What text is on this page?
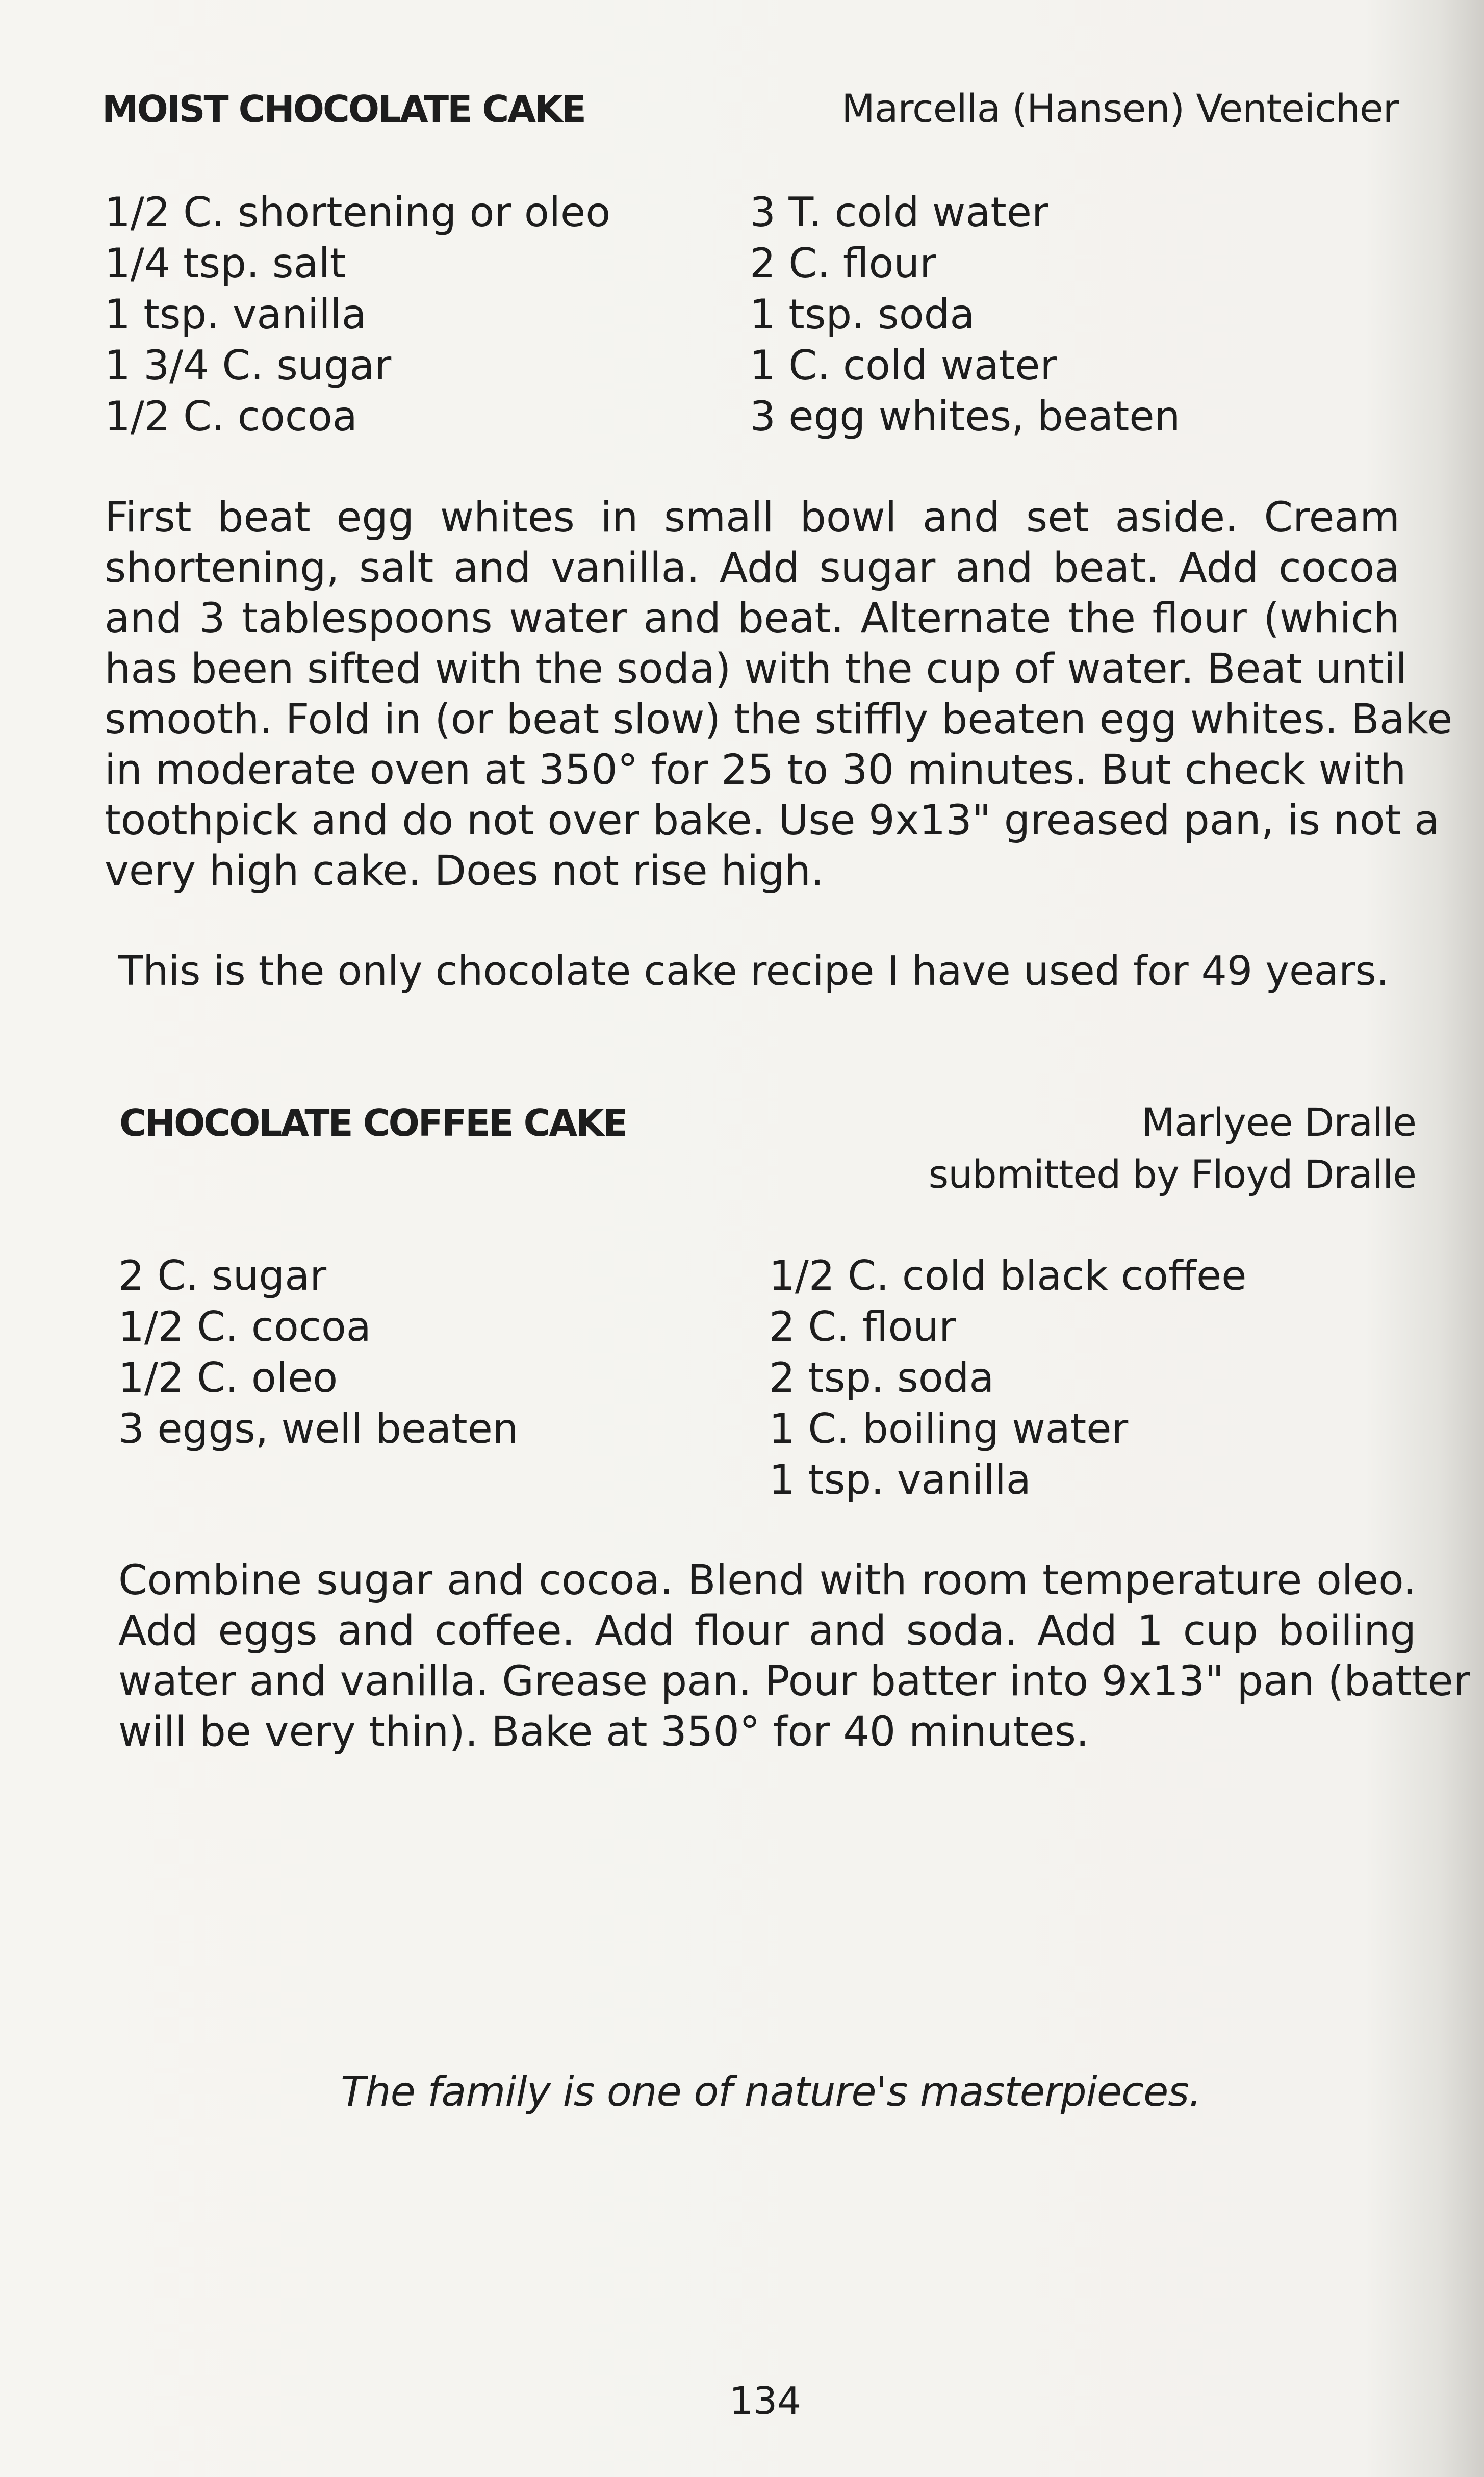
MOIST CHOCOLATE CAKE	Marcella (Hansen) Venteicher
1/2 C. shortening or oleo
1/4 tsp. salt
1 tsp. vanilla
1 3/4 C. sugar
1/2 C. cocoa
3 T. cold water
2 C. flour
1 tsp. soda
1 C. cold water
3 egg whites, beaten
First beat egg whites in small bowl and set aside. Cream
shortening, salt and vanilla. Add sugar and beat. Add cocoa
and 3 tablespoons water and beat. Alternate the flour (which
has been sifted with the soda) with the cup of water. Beat until
smooth. Fold in (or beat slow) the stiffly beaten egg whites. Bake
in moderate oven at 350° for 25 to 30 minutes. But check with
toothpick and do not over bake. Use 9x13" greased pan, is not a
very high cake. Does not rise high.
This is the only chocolate cake recipe I have used for 49 years.
CHOCOLATE COFFEE CAKE	Marlyee Dralle
submitted by Floyd Dralle
2 C. sugar
1/2 C. cocoa
1/2 C. oleo
3 eggs, well beaten
1/2 C. cold black coffee
2 C. flour
2 tsp. soda
1 C. boiling water
1 tsp. vanilla
Combine sugar and cocoa. Blend with room temperature oleo.
Add eggs and coffee. Add flour and soda. Add 1 cup boiling
water and vanilla. Grease pan. Pour batter into 9x13" pan (batter
will be very thin). Bake at 350° for 40 minutes.
The family is one of nature's masterpieces.
134
